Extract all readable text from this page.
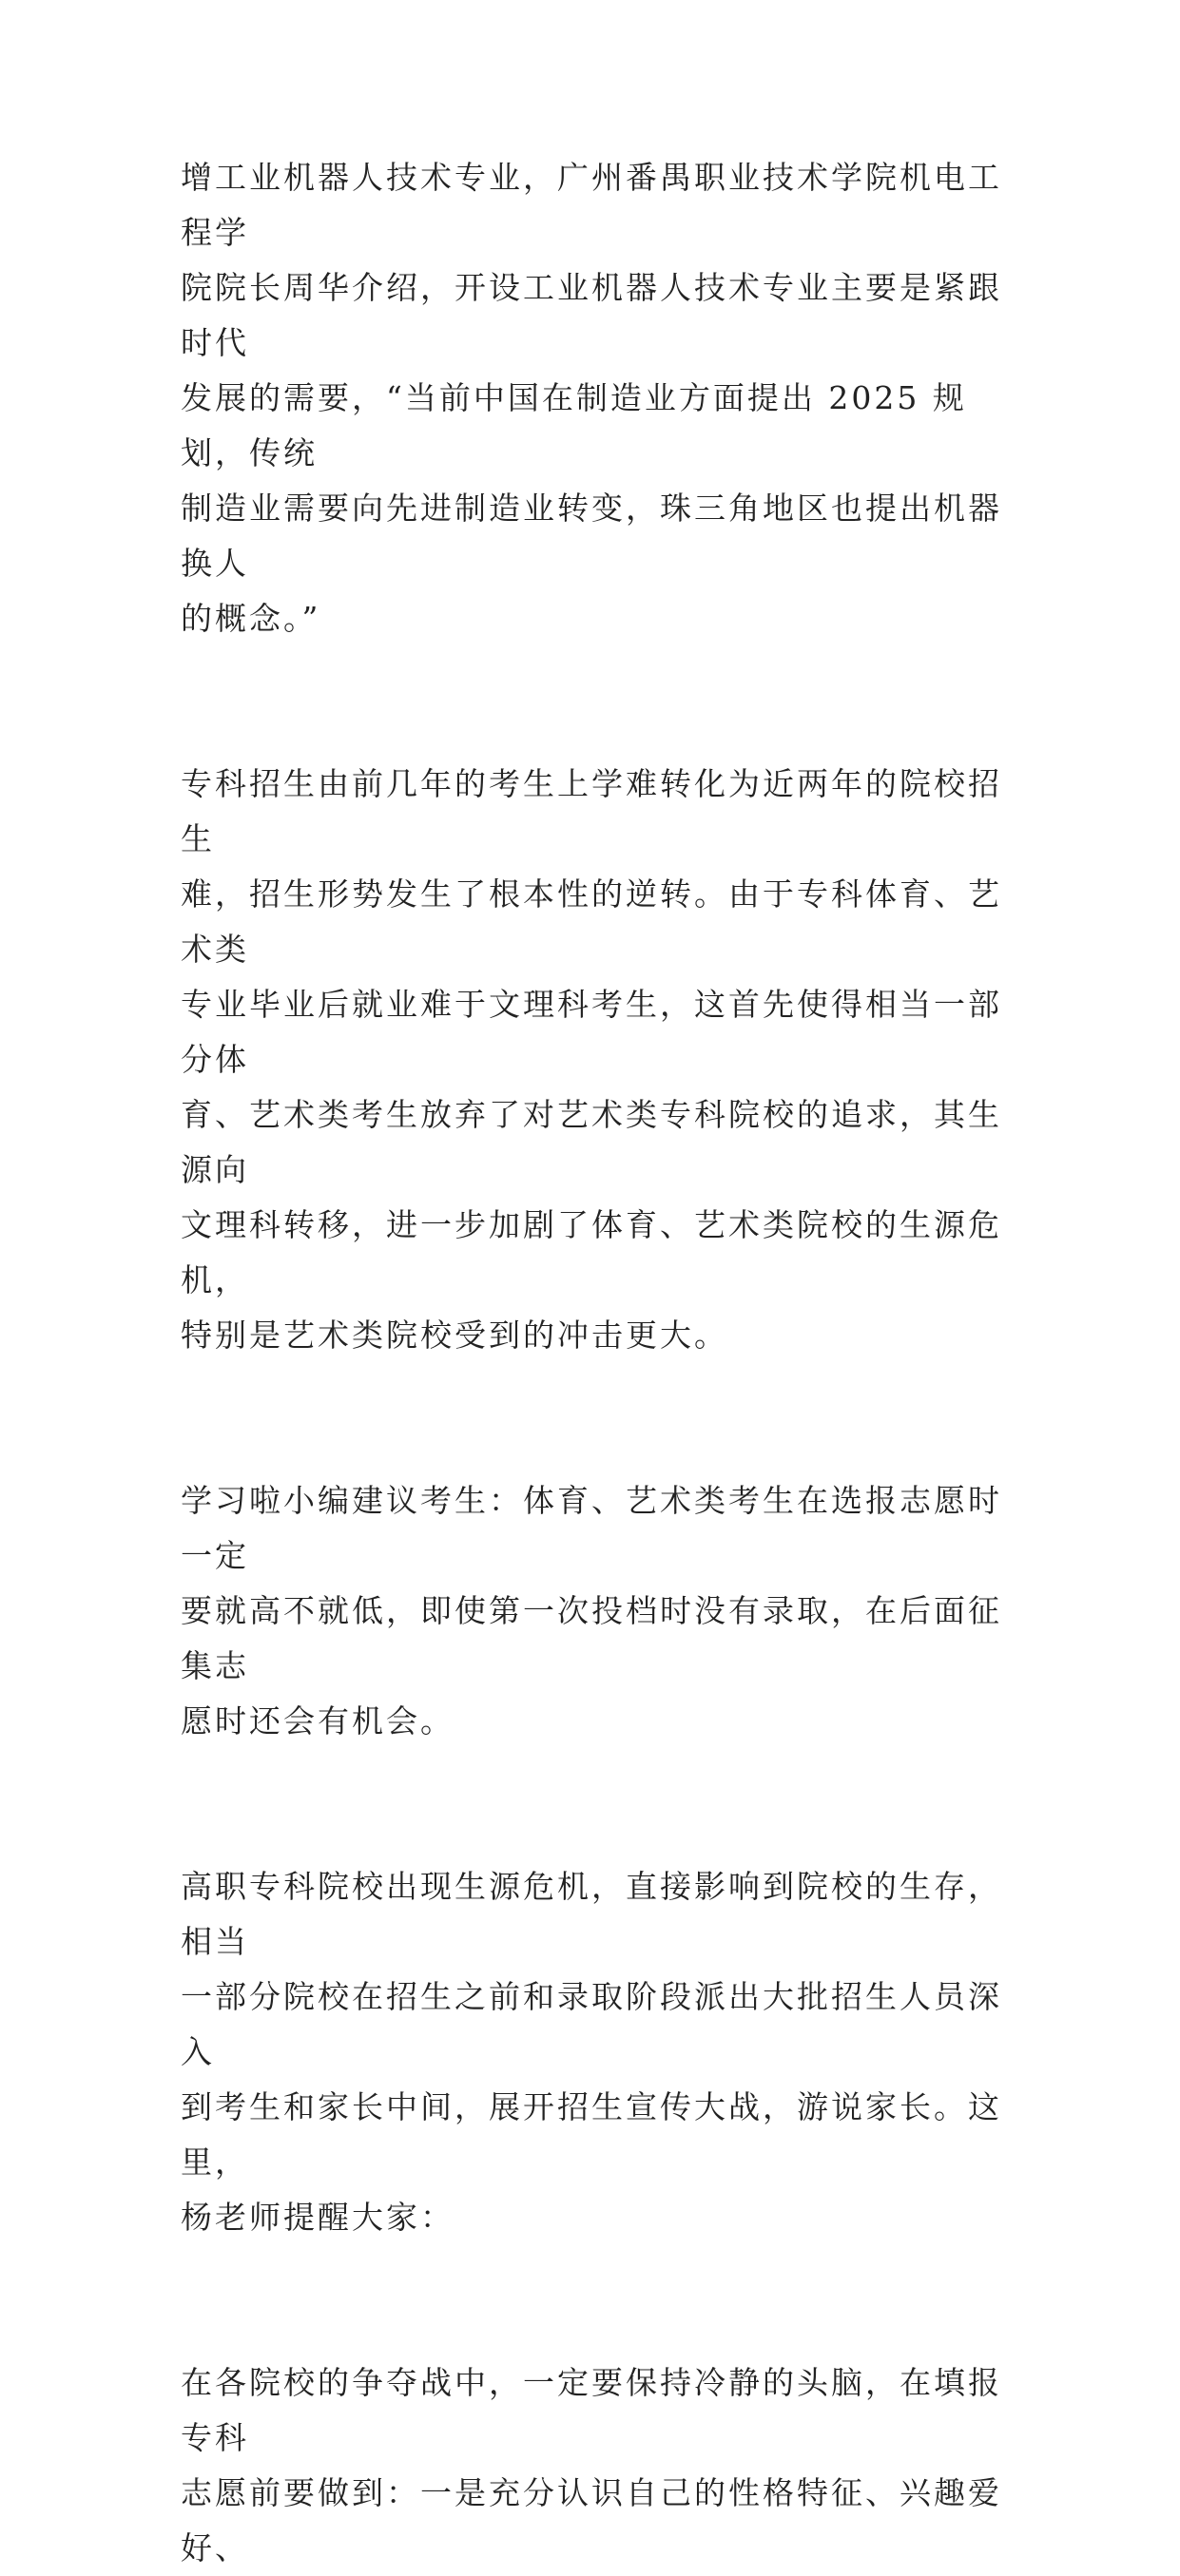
增工业机器人技术专业，广州番禺职业技术学院机电工程学
院院长周华介绍，开设工业机器人技术专业主要是紧跟时代
发展的需要，“当前中国在制造业方面提出 2025 规划，传统
制造业需要向先进制造业转变，珠三角地区也提出机器换人
的概念。”

专科招生由前几年的考生上学难转化为近两年的院校招生
难，招生形势发生了根本性的逆转。由于专科体育、艺术类
专业毕业后就业难于文理科考生，这首先使得相当一部分体
育、艺术类考生放弃了对艺术类专科院校的追求，其生源向
文理科转移，进一步加剧了体育、艺术类院校的生源危机，
特别是艺术类院校受到的冲击更大。

学习啦小编建议考生：体育、艺术类考生在选报志愿时一定
要就高不就低，即使第一次投档时没有录取，在后面征集志
愿时还会有机会。

高职专科院校出现生源危机，直接影响到院校的生存，相当
一部分院校在招生之前和录取阶段派出大批招生人员深入
到考生和家长中间，展开招生宣传大战，游说家长。这里，
杨老师提醒大家：

在各院校的争夺战中，一定要保持冷静的头脑，在填报专科
志愿前要做到：一是充分认识自己的性格特征、兴趣爱好、
